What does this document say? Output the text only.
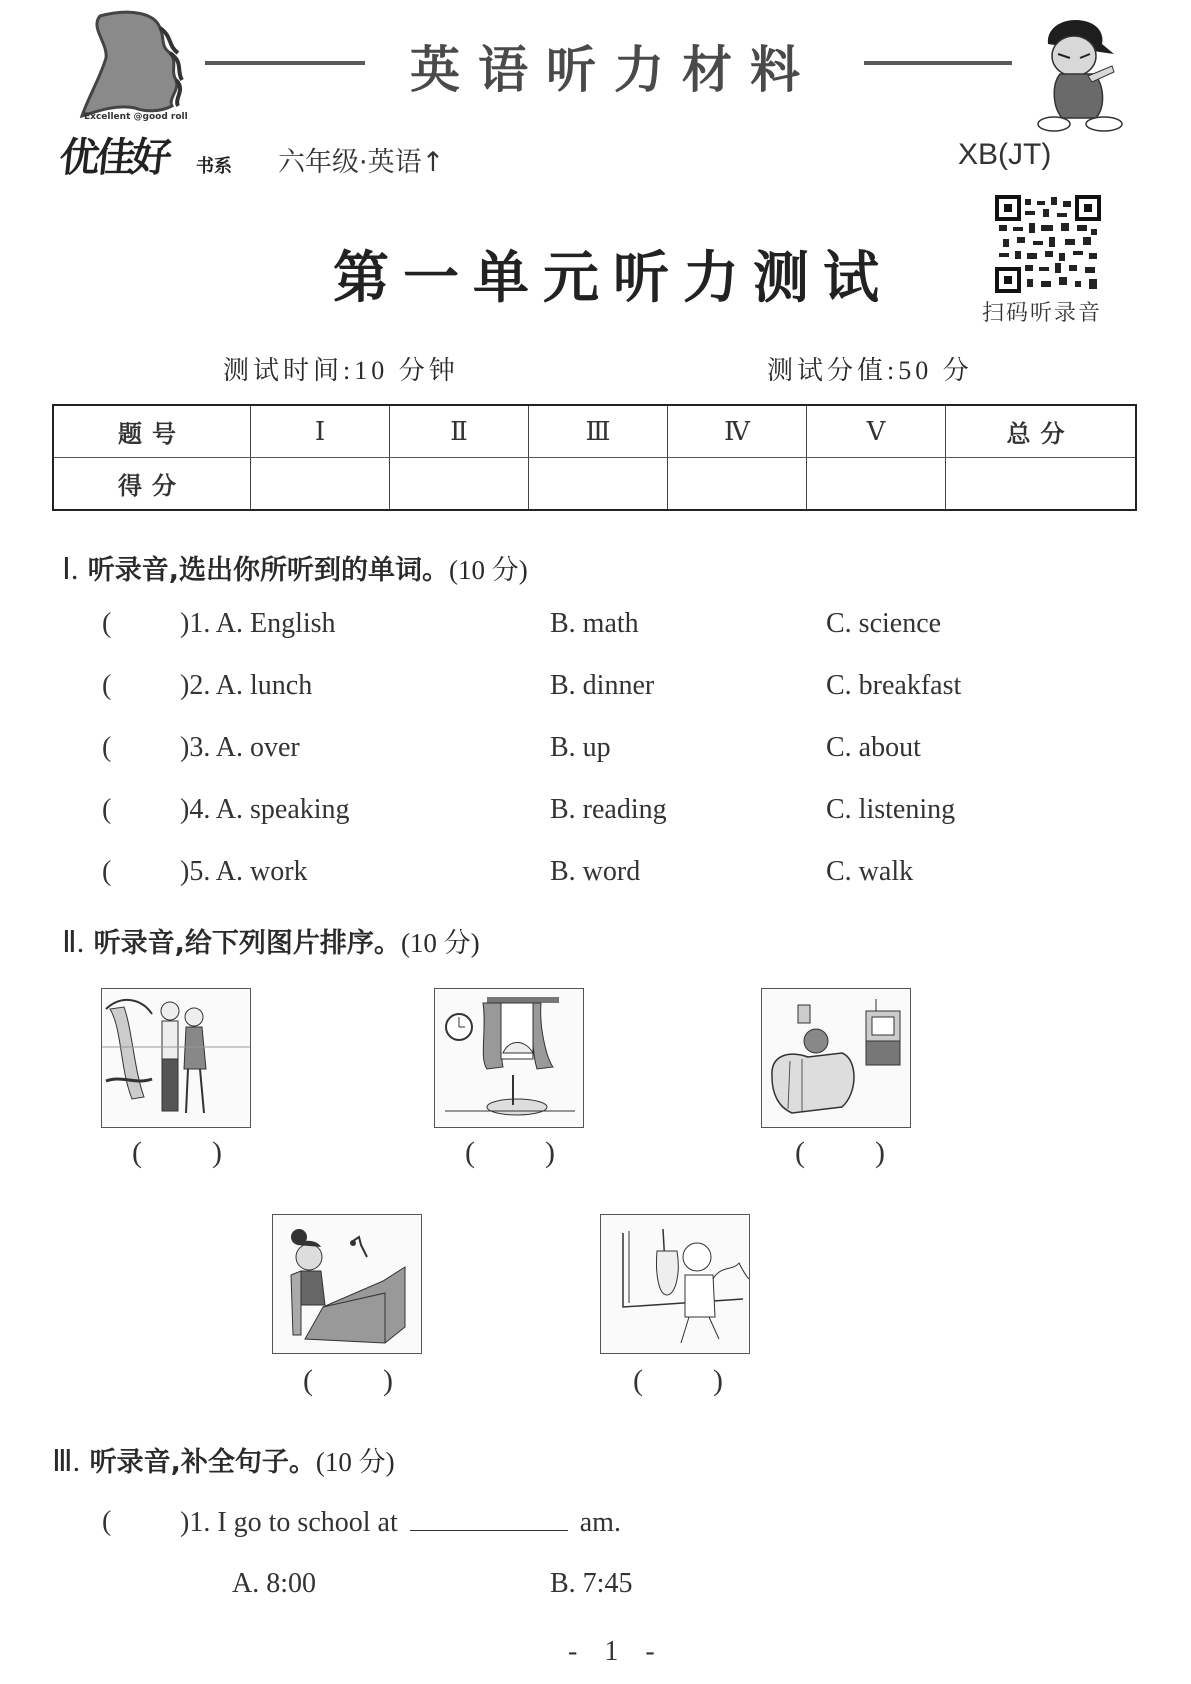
Excellent @good roll
优佳好 书系 六年级·英语↑
英语听力材料
XB(JT)
扫码听录音
第一单元听力测试
测试时间:10 分钟	测试分值:50 分
题号	Ⅰ	Ⅱ	Ⅲ	Ⅳ	Ⅴ	总分
得分						
Ⅰ. 听录音,选出你所听到的单词。(10 分)
( )1. A. English	B. math	C. science
( )2. A. lunch	B. dinner	C. breakfast
( )3. A. over	B. up	C. about
( )4. A. speaking	B. reading	C. listening
( )5. A. work	B. word	C. walk
Ⅱ. 听录音,给下列图片排序。(10 分)
( )	( )	( )
( )	( )
Ⅲ. 听录音,补全句子。(10 分)
( )1. I go to school at	am.
A. 8:00	B. 7:45
- 1 -
